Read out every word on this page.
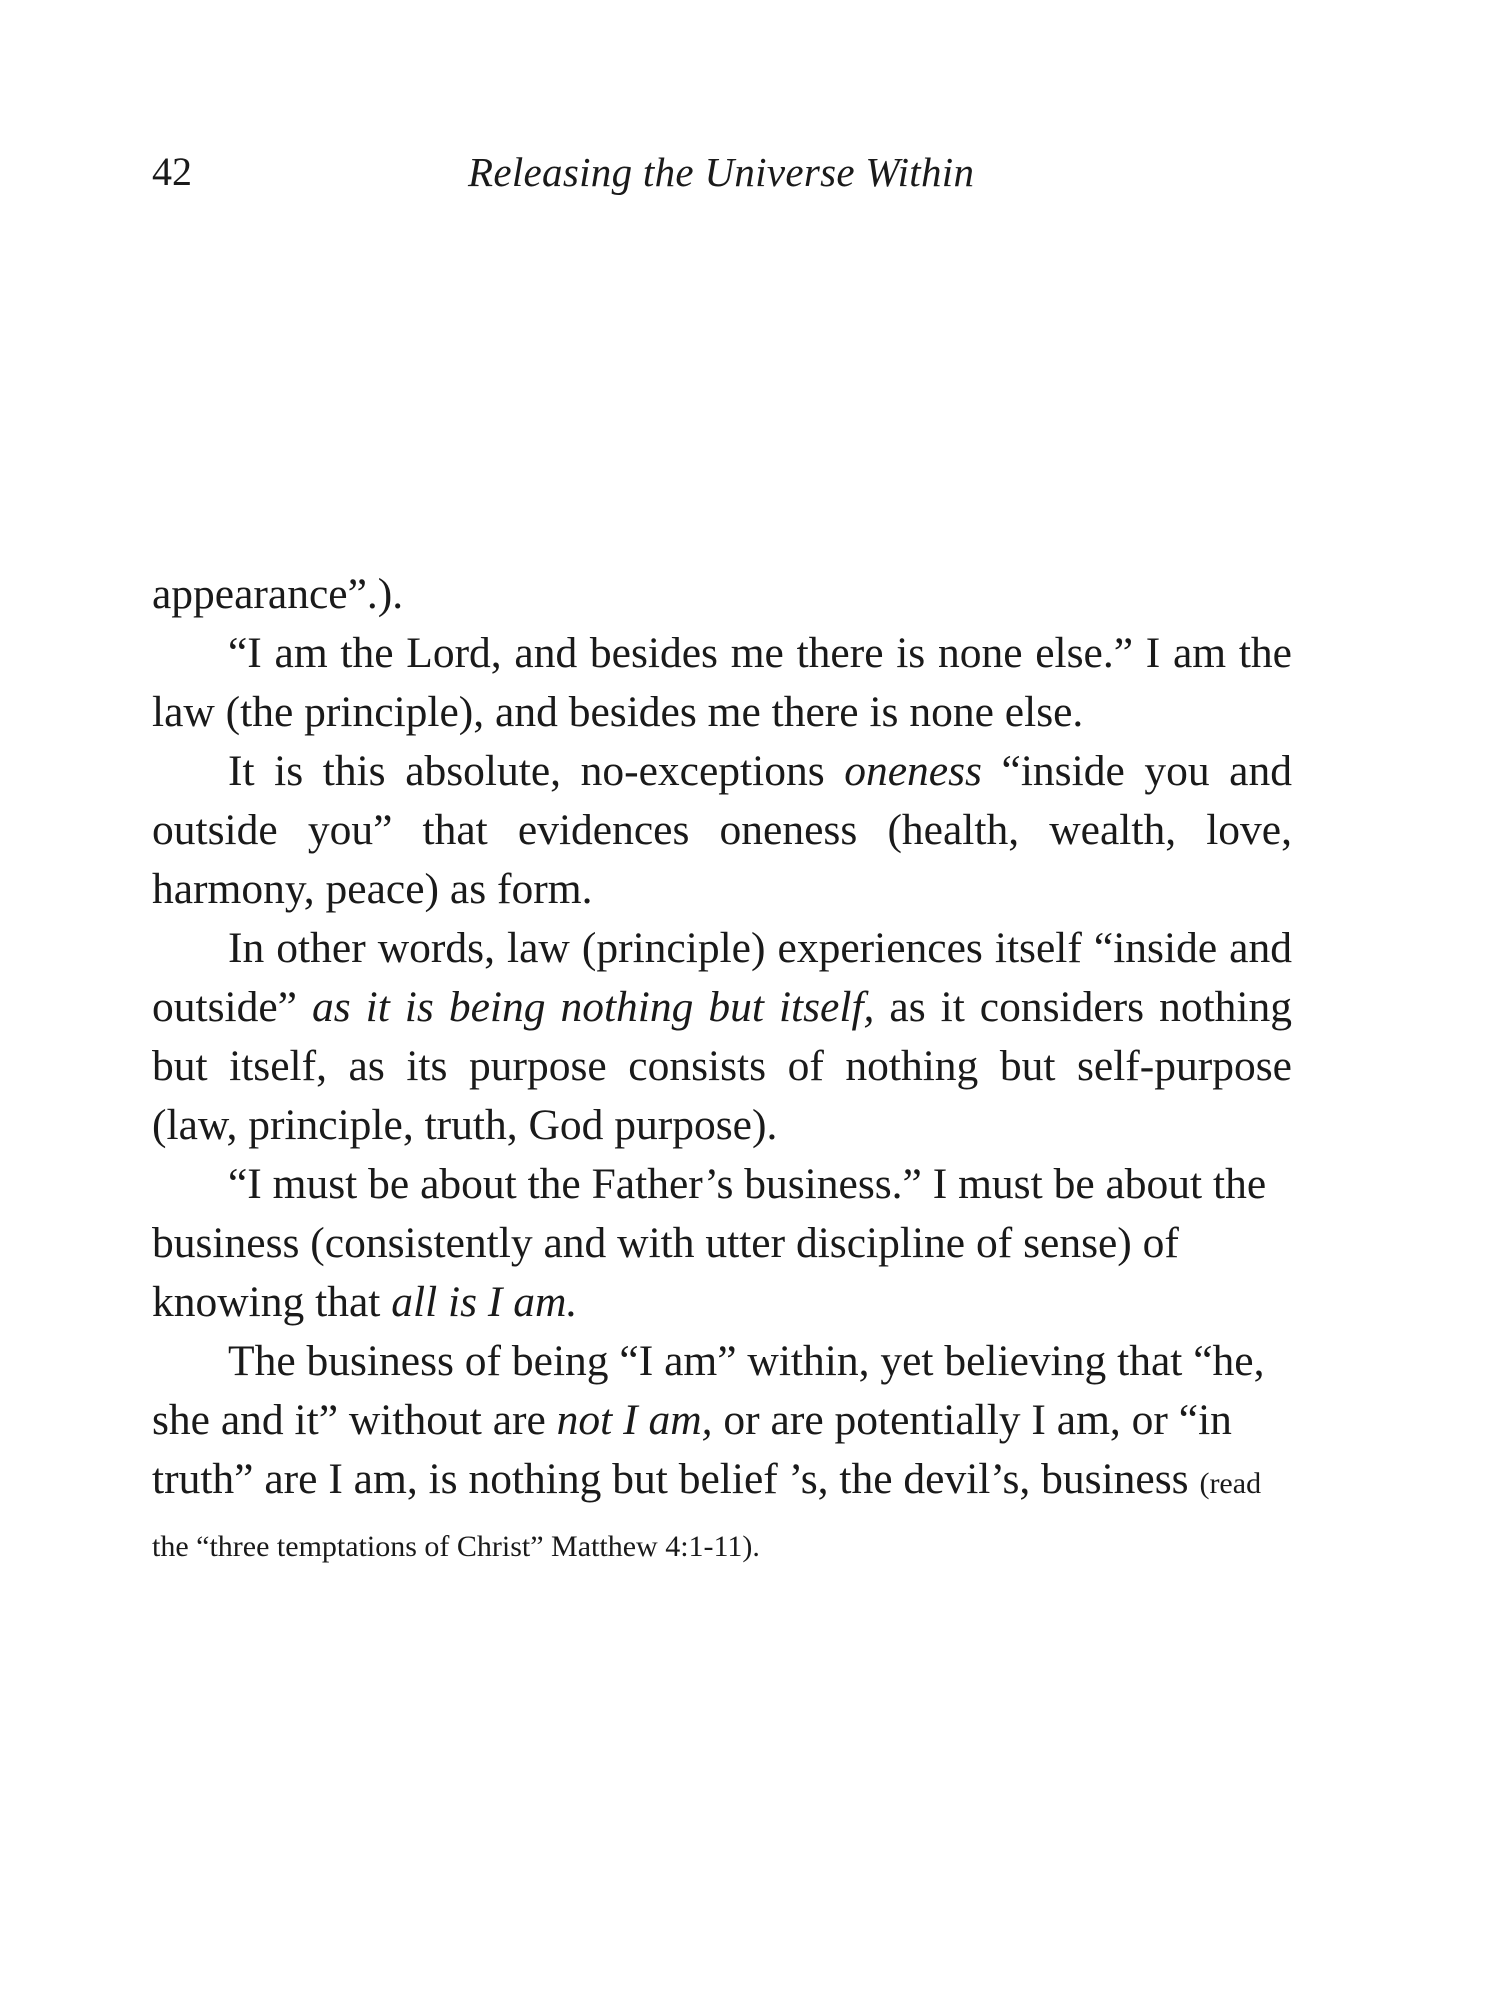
42	Releasing the Universe Within

appearance”.).

“I am the Lord, and besides me there is none else.” I am the law (the principle), and besides me there is none else.

It is this absolute, no-exceptions oneness “inside you and outside you” that evidences oneness (health, wealth, love, harmony, peace) as form.

In other words, law (principle) experiences itself “inside and outside” as it is being nothing but itself, as it considers nothing but itself, as its purpose consists of nothing but self-purpose (law, principle, truth, God purpose).

“I must be about the Father’s business.” I must be about the business (consistently and with utter discipline of sense) of knowing that all is I am.

The business of being “I am” within, yet believing that “he, she and it” without are not I am, or are potentially I am, or “in truth” are I am, is nothing but belief ’s, the devil’s, business (read the “three temptations of Christ” Matthew 4:1-11).
